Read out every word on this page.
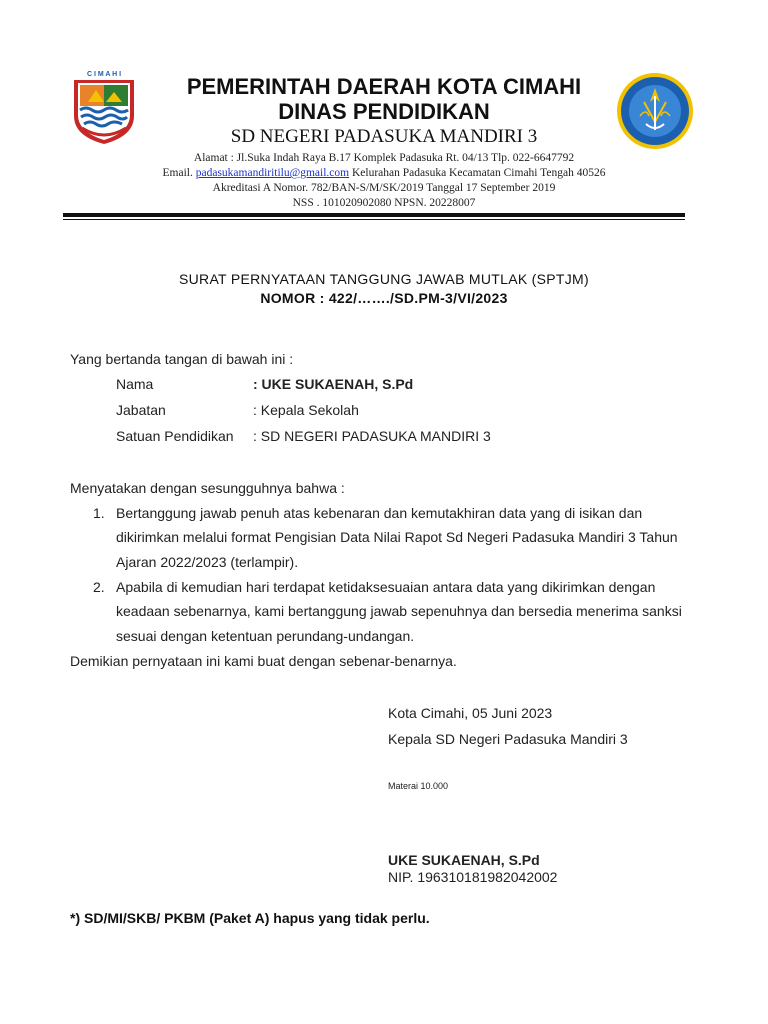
C I M A H I	PEMERINTAH DAERAH KOTA CIMAHI
DINAS PENDIDIKAN
SD NEGERI PADASUKA MANDIRI 3
Alamat : Jl.Suka Indah Raya B.17 Komplek Padasuka Rt. 04/13 Tlp. 022-6647792
Email. padasukamandiritilu@gmail.com Kelurahan Padasuka Kecamatan Cimahi Tengah 40526
Akreditasi A Nomor. 782/BAN-S/M/SK/2019 Tanggal 17 September 2019
NSS . 101020902080 NPSN. 20228007
SURAT PERNYATAAN TANGGUNG JAWAB MUTLAK (SPTJM)
NOMOR : 422/……./SD.PM-3/VI/2023
Yang bertanda tangan di bawah ini :
Nama	: UKE SUKAENAH, S.Pd
Jabatan	: Kepala Sekolah
Satuan Pendidikan : SD NEGERI PADASUKA MANDIRI 3
Menyatakan dengan sesungguhnya bahwa :
1. Bertanggung jawab penuh atas kebenaran dan kemutakhiran data yang di isikan dan
dikirimkan melalui format Pengisian Data Nilai Rapot Sd Negeri Padasuka Mandiri 3 Tahun
Ajaran 2022/2023 (terlampir).
2. Apabila di kemudian hari terdapat ketidaksesuaian antara data yang dikirimkan dengan
keadaan sebenarnya, kami bertanggung jawab sepenuhnya dan bersedia menerima sanksi
sesuai dengan ketentuan perundang-undangan.
Demikian pernyataan ini kami buat dengan sebenar-benarnya.
Kota Cimahi, 05 Juni 2023
Kepala SD Negeri Padasuka Mandiri 3
Materai 10.000
UKE SUKAENAH, S.Pd
NIP. 196310181982042002
*) SD/MI/SKB/ PKBM (Paket A) hapus yang tidak perlu.
